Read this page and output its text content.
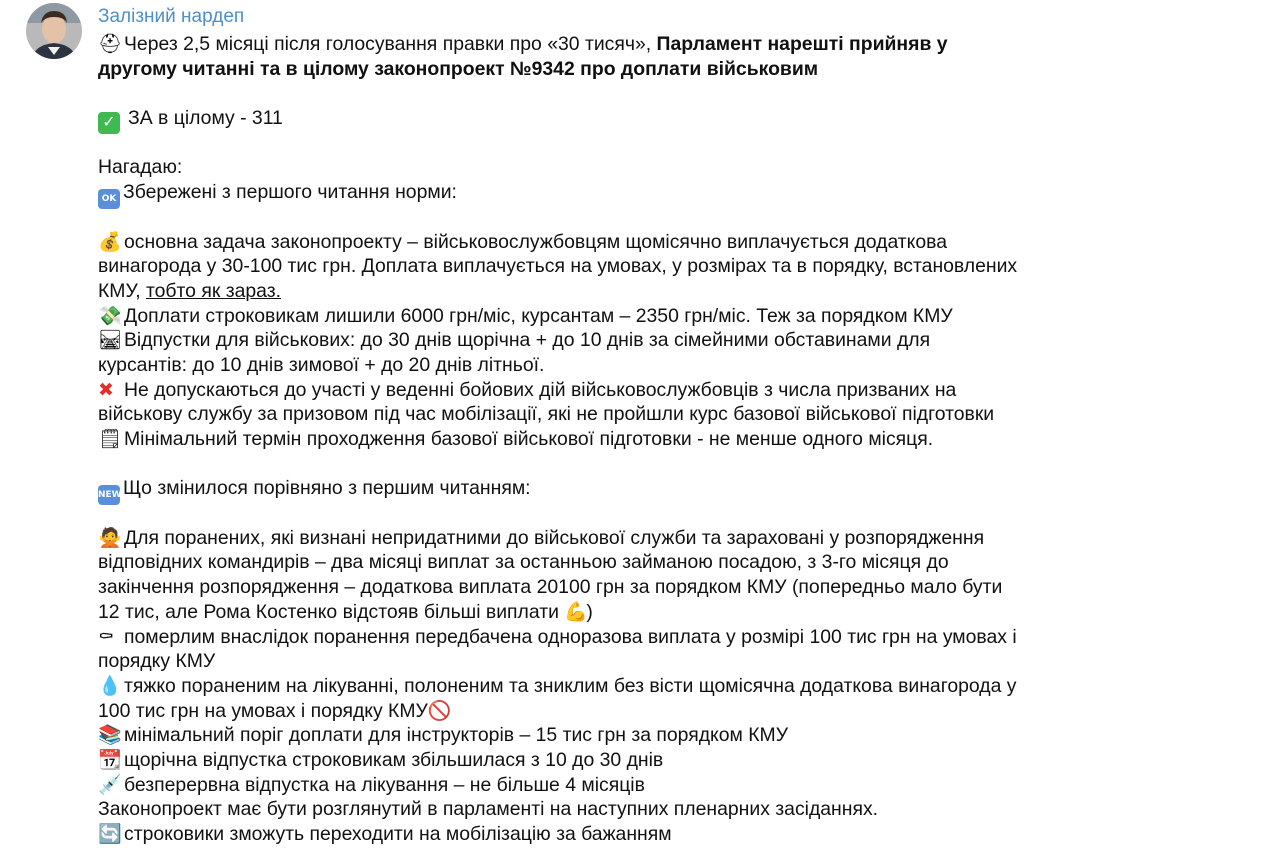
Залізний нардеп
⛑Через 2,5 місяці після голосування правки про «30 тисяч», Парламент нарешті прийняв у
другому читанні та в цілому законопроект №9342 про доплати військовим
✓ ЗА в цілому - 311
Нагадаю:
OK Збережені з першого читання норми:
💰 основна задача законопроекту – військовослужбовцям щомісячно виплачується додаткова
винагорода у 30-100 тис грн. Доплата виплачується на умовах, у розмірах та в порядку, встановлених
КМУ, тобто як зараз.
💸 Доплати строковикам лишили 6000 грн/міс, курсантам – 2350 грн/міс. Теж за порядком КМУ
🛤Відпустки для військових: до 30 днів щорічна + до 10 днів за сімейними обставинами для
курсантів: до 10 днів зимової + до 20 днів літньої.
✖ Не допускаються до участі у веденні бойових дій військовослужбовців з числа призваних на
військову службу за призовом під час мобілізації, які не пройшли курс базової військової підготовки
🗒Мінімальний термін проходження базової військової підготовки - не менше одного місяця.
NEWЩо змінилося порівняно з першим читанням:
🙅 Для поранених, які визнані непридатними до військової служби та зараховані у розпорядження
відповідних командирів – два місяці виплат за останньою займаною посадою, з 3-го місяця до
закінчення розпорядження – додаткова виплата 20100 грн за порядком КМУ (попередньо мало бути
12 тис, але Рома Костенко відстояв більші виплати 💪)
⚰ померлим внаслідок поранення передбачена одноразова виплата у розмірі 100 тис грн на умовах і
порядку КМУ
💧 тяжко пораненим на лікуванні, полоненим та зниклим без вісти щомісячна додаткова винагорода у
100 тис грн на умовах і порядку КМУ🚫
📚 мінімальний поріг доплати для інструкторів – 15 тис грн за порядком КМУ
📆 щорічна відпустка строковикам збільшилася з 10 до 30 днів
💉 безперервна відпустка на лікування – не більше 4 місяців
Законопроект має бути розглянутий в парламенті на наступних пленарних засіданнях.
🔄 строковики зможуть переходити на мобілізацію за бажанням
